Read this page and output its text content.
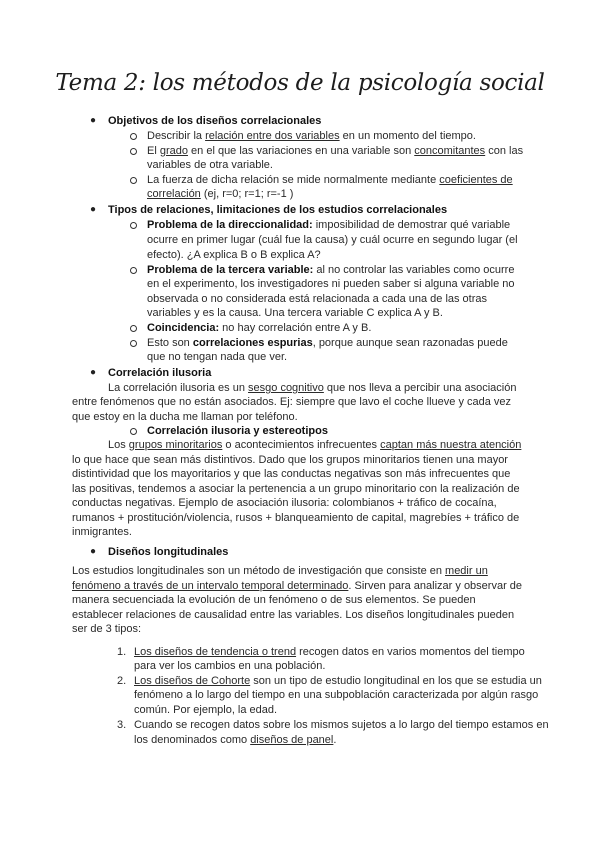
Tema 2: los métodos de la psicología social
● Objetivos de los diseños correlacionales
Describir la relación entre dos variables en un momento del tiempo.
El grado en el que las variaciones en una variable son concomitantes con las
variables de otra variable.
La fuerza de dicha relación se mide normalmente mediante coeficientes de
correlación (ej, r=0; r=1; r=-1 )
● Tipos de relaciones, limitaciones de los estudios correlacionales
Problema de la direccionalidad: imposibilidad de demostrar qué variable
ocurre en primer lugar (cuál fue la causa) y cuál ocurre en segundo lugar (el
efecto). ¿A explica B o B explica A?
Problema de la tercera variable: al no controlar las variables como ocurre
en el experimento, los investigadores ni pueden saber si alguna variable no
observada o no considerada está relacionada a cada una de las otras
variables y es la causa. Una tercera variable C explica A y B.
Coincidencia: no hay correlación entre A y B.
Esto son correlaciones espurias, porque aunque sean razonadas puede
que no tengan nada que ver.
● Correlación ilusoria
La correlación ilusoria es un sesgo cognitivo que nos lleva a percibir una asociación
entre fenómenos que no están asociados. Ej: siempre que lavo el coche llueve y cada vez
que estoy en la ducha me llaman por teléfono.
Correlación ilusoria y estereotipos
Los grupos minoritarios o acontecimientos infrecuentes captan más nuestra atención
lo que hace que sean más distintivos. Dado que los grupos minoritarios tienen una mayor
distintividad que los mayoritarios y que las conductas negativas son más infrecuentes que
las positivas, tendemos a asociar la pertenencia a un grupo minoritario con la realización de
conductas negativas. Ejemplo de asociación ilusoria: colombianos + tráfico de cocaína,
rumanos + prostitución/violencia, rusos + blanqueamiento de capital, magrebíes + tráfico de
inmigrantes.
● Diseños longitudinales
Los estudios longitudinales son un método de investigación que consiste en medir un
fenómeno a través de un intervalo temporal determinado. Sirven para analizar y observar de
manera secuenciada la evolución de un fenómeno o de sus elementos. Se pueden
establecer relaciones de causalidad entre las variables. Los diseños longitudinales pueden
ser de 3 tipos:
1. Los diseños de tendencia o trend recogen datos en varios momentos del tiempo
para ver los cambios en una población.
2. Los diseños de Cohorte son un tipo de estudio longitudinal en los que se estudia un
fenómeno a lo largo del tiempo en una subpoblación caracterizada por algún rasgo
común. Por ejemplo, la edad.
3. Cuando se recogen datos sobre los mismos sujetos a lo largo del tiempo estamos en
los denominados como diseños de panel.
